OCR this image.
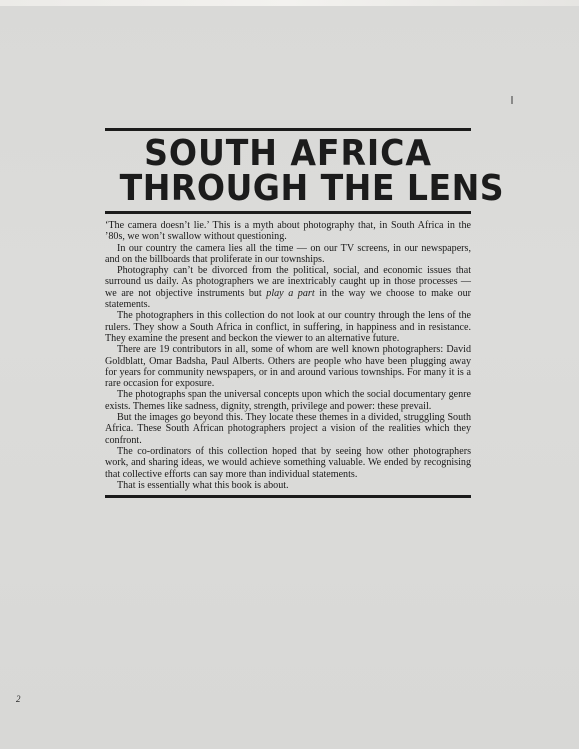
SOUTH AFRICA
THROUGH THE LENS

‘The camera doesn’t lie.’ This is a myth about photography that, in South Africa in the ’80s, we won’t swallow without questioning.

In our country the camera lies all the time — on our TV screens, in our newspapers, and on the billboards that proliferate in our townships.

Photography can’t be divorced from the political, social, and economic issues that surround us daily. As photographers we are inextricably caught up in those processes — we are not objective instruments but play a part in the way we choose to make our statements.

The photographers in this collection do not look at our country through the lens of the rulers. They show a South Africa in conflict, in suffering, in happiness and in resistance. They examine the present and beckon the viewer to an alternative future.

There are 19 contributors in all, some of whom are well known photographers: David Goldblatt, Omar Badsha, Paul Alberts. Others are people who have been plugging away for years for community newspapers, or in and around various townships. For many it is a rare occasion for exposure.

The photographs span the universal concepts upon which the social documentary genre exists. Themes like sadness, dignity, strength, privilege and power: these prevail.

But the images go beyond this. They locate these themes in a divided, struggling South Africa. These South African photographers project a vision of the realities which they confront.

The co-ordinators of this collection hoped that by seeing how other photographers work, and sharing ideas, we would achieve something valuable. We ended by recognising that collective efforts can say more than individual statements.

That is essentially what this book is about.

2
